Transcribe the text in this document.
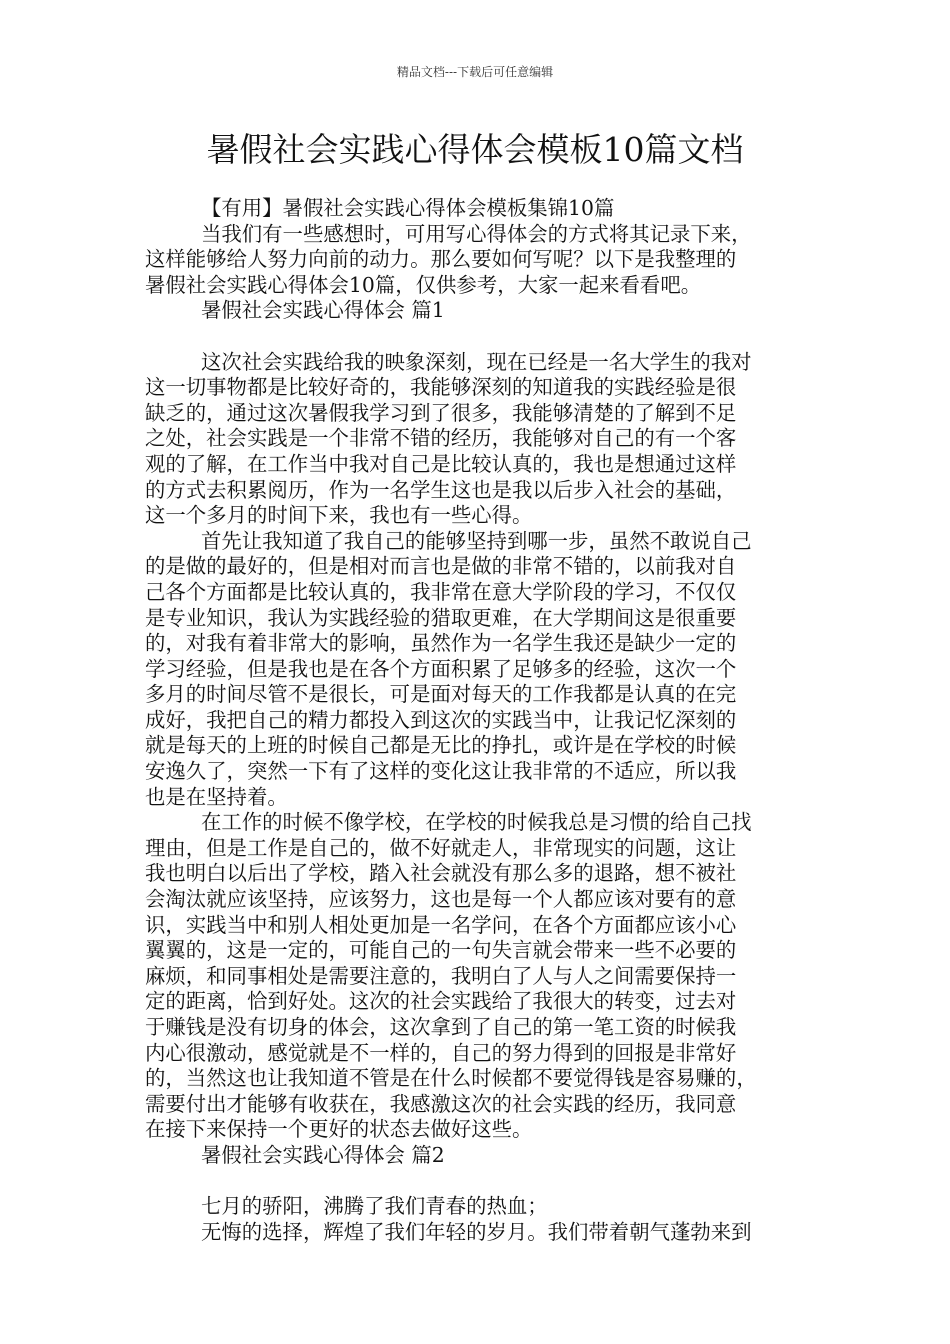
精品文档---下载后可任意编辑
暑假社会实践心得体会模板10篇文档

【有用】暑假社会实践心得体会模板集锦10篇

当我们有一些感想时，可用写心得体会的方式将其记录下来，

这样能够给人努力向前的动力。那么要如何写呢？以下是我整理的

暑假社会实践心得体会10篇，仅供参考，大家一起来看看吧。

暑假社会实践心得体会 篇1

这次社会实践给我的映象深刻，现在已经是一名大学生的我对

这一切事物都是比较好奇的，我能够深刻的知道我的实践经验是很

缺乏的，通过这次暑假我学习到了很多，我能够清楚的了解到不足

之处，社会实践是一个非常不错的经历，我能够对自己的有一个客

观的了解，在工作当中我对自己是比较认真的，我也是想通过这样

的方式去积累阅历，作为一名学生这也是我以后步入社会的基础，

这一个多月的时间下来，我也有一些心得。

首先让我知道了我自己的能够坚持到哪一步，虽然不敢说自己

的是做的最好的，但是相对而言也是做的非常不错的，以前我对自

己各个方面都是比较认真的，我非常在意大学阶段的学习，不仅仅

是专业知识，我认为实践经验的猎取更难，在大学期间这是很重要

的，对我有着非常大的影响，虽然作为一名学生我还是缺少一定的

学习经验，但是我也是在各个方面积累了足够多的经验，这次一个

多月的时间尽管不是很长，可是面对每天的工作我都是认真的在完

成好，我把自己的精力都投入到这次的实践当中，让我记忆深刻的

就是每天的上班的时候自己都是无比的挣扎，或许是在学校的时候

安逸久了，突然一下有了这样的变化这让我非常的不适应，所以我

也是在坚持着。

在工作的时候不像学校，在学校的时候我总是习惯的给自己找

理由，但是工作是自己的，做不好就走人，非常现实的问题，这让

我也明白以后出了学校，踏入社会就没有那么多的退路，想不被社

会淘汰就应该坚持，应该努力，这也是每一个人都应该对要有的意

识，实践当中和别人相处更加是一名学问，在各个方面都应该小心

翼翼的，这是一定的，可能自己的一句失言就会带来一些不必要的

麻烦，和同事相处是需要注意的，我明白了人与人之间需要保持一

定的距离，恰到好处。这次的社会实践给了我很大的转变，过去对

于赚钱是没有切身的体会，这次拿到了自己的第一笔工资的时候我

内心很激动，感觉就是不一样的，自己的努力得到的回报是非常好

的，当然这也让我知道不管是在什么时候都不要觉得钱是容易赚的，

需要付出才能够有收获在，我感激这次的社会实践的经历，我同意

在接下来保持一个更好的状态去做好这些。

暑假社会实践心得体会 篇2

七月的骄阳，沸腾了我们青春的热血；

无悔的选择，辉煌了我们年轻的岁月。我们带着朝气蓬勃来到
